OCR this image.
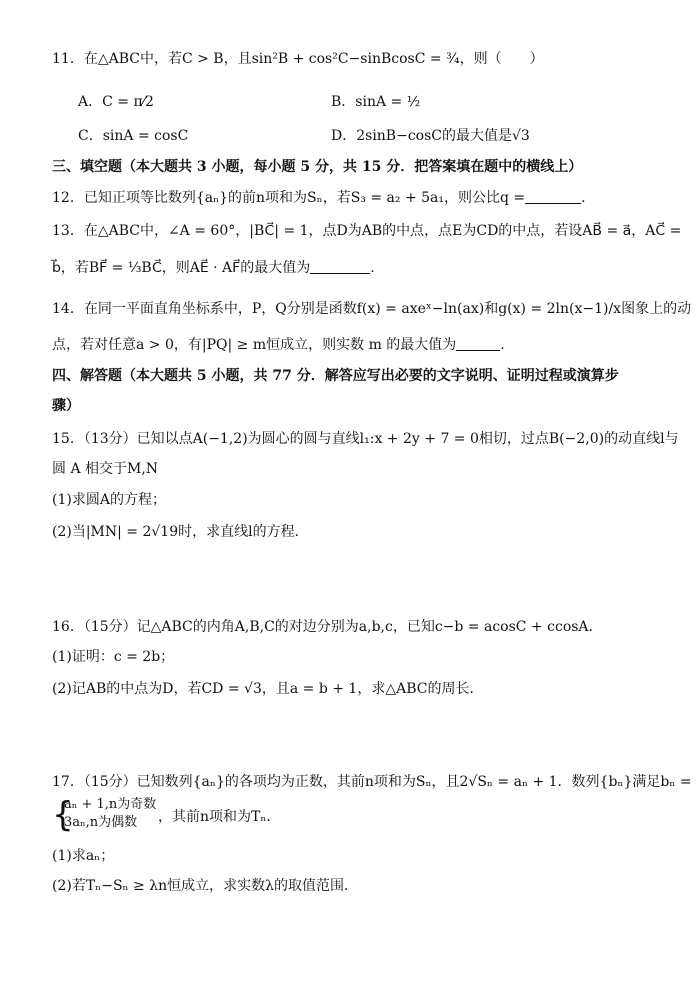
11．在△ABC中，若C > B，且sin²B + cos²C−sinBcosC = ³⁄₄，则（　　）
A．C = π⁄2	B．sinA = ½
C．sinA = cosC	D．2sinB−cosC的最大值是√3
三、填空题（本大题共 3 小题，每小题 5 分，共 15 分．把答案填在题中的横线上）
12．已知正项等比数列{aₙ}的前n项和为Sₙ，若S₃ = a₂ + 5a₁，则公比q =	.
13．在△ABC中，∠A = 60°，|BC⃗| = 1，点D为AB的中点，点E为CD的中点，若设AB⃗ = a⃗，AC⃗ =
b⃗，若BF⃗ = ⅓BC⃗，则AE⃗ · AF⃗的最大值为	.
14．在同一平面直角坐标系中，P，Q分别是函数f(x) = axeˣ−ln(ax)和g(x) = 2ln(x−1)/x图象上的动
点，若对任意a > 0，有|PQ| ≥ m恒成立，则实数 m 的最大值为	.
四、解答题（本大题共 5 小题，共 77 分．解答应写出必要的文字说明、证明过程或演算步
骤）
15．（13分）已知以点A(−1,2)为圆心的圆与直线l₁:x + 2y + 7 = 0相切，过点B(−2,0)的动直线l与
圆 A 相交于M,N
(1)求圆A的方程；
(2)当|MN| = 2√19时，求直线l的方程．
16．（15分）记△ABC的内角A,B,C的对边分别为a,b,c，已知c−b = acosC + ccosA．
(1)证明：c = 2b；
(2)记AB的中点为D，若CD = √3，且a = b + 1，求△ABC的周长．
17．（15分）已知数列{aₙ}的各项均为正数，其前n项和为Sₙ，且2√Sₙ = aₙ + 1．数列{bₙ}满足bₙ =
{
aₙ + 1,n为奇数
3aₙ,n为偶数 ，其前n项和为Tₙ．
(1)求aₙ；
(2)若Tₙ−Sₙ ≥ λn恒成立，求实数λ的取值范围．
